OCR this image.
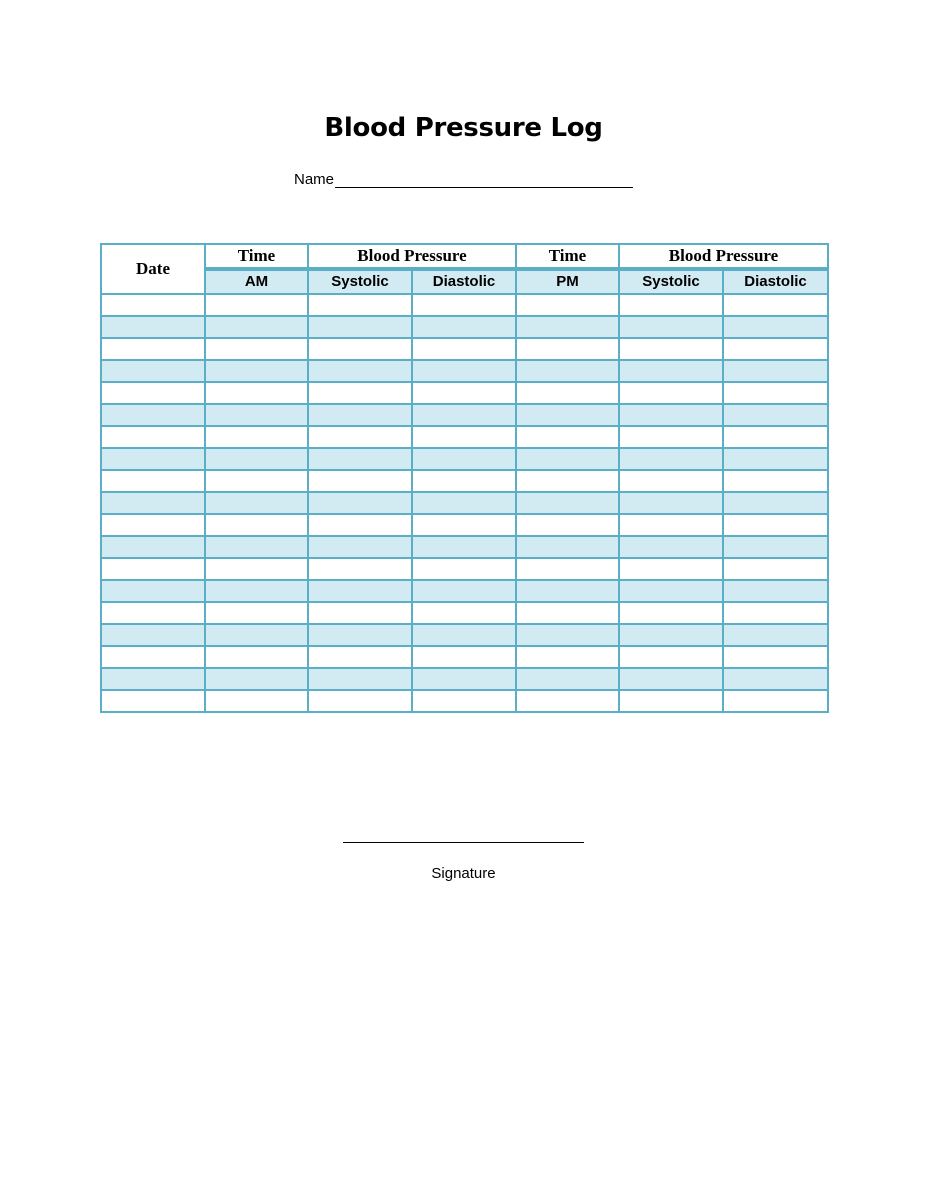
Blood Pressure Log
Name
Date	Time	Blood Pressure		Time	Blood Pressure	
	AM	Systolic	Diastolic	PM	Systolic	Diastolic

Signature
